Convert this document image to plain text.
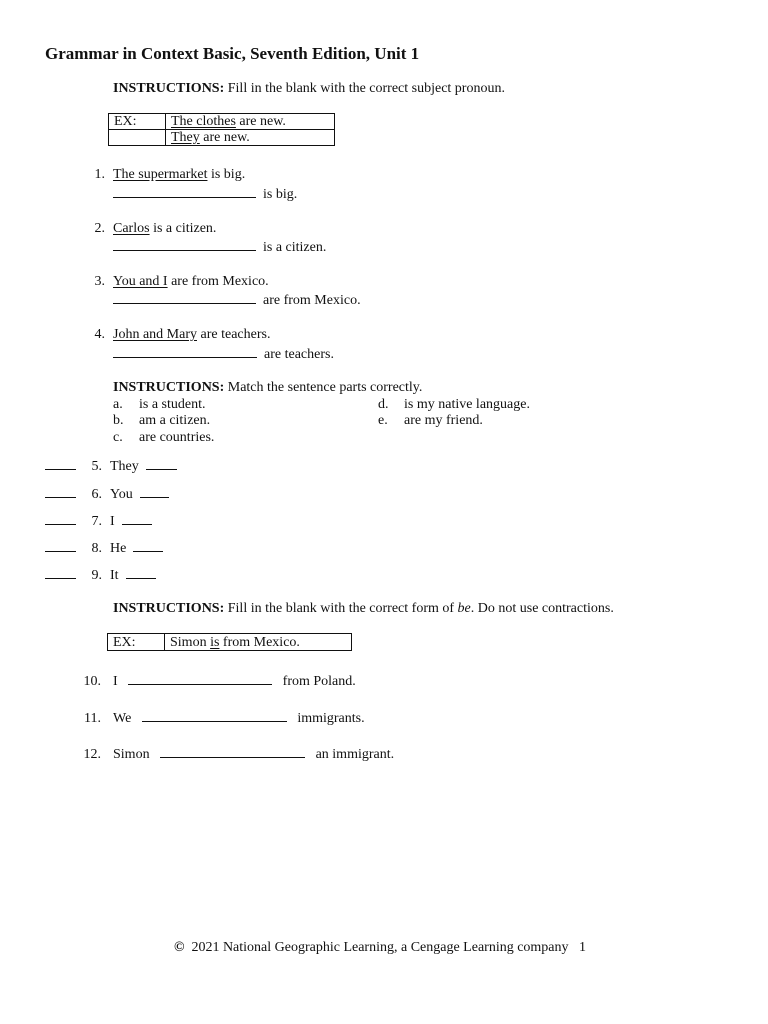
Grammar in Context Basic, Seventh Edition, Unit 1
INSTRUCTIONS: Fill in the blank with the correct subject pronoun.
EX:	The clothes are new.
	They are new.
1. The supermarket is big.
is big.
2. Carlos is a citizen.
is a citizen.
3. You and I are from Mexico.
are from Mexico.
4. John and Mary are teachers.
are teachers.
INSTRUCTIONS: Match the sentence parts correctly.
a. is a student.
b. am a citizen.
c. are countries.
d. is my native language.
e. are my friend.
5. They
6. You
7. I
8. He
9. It
INSTRUCTIONS: Fill in the blank with the correct form of be. Do not use contractions.
EX:	Simon is from Mexico.
10. I	from Poland.
11. We	immigrants.
12. Simon	an immigrant.
© 2021 National Geographic Learning, a Cengage Learning company 1
